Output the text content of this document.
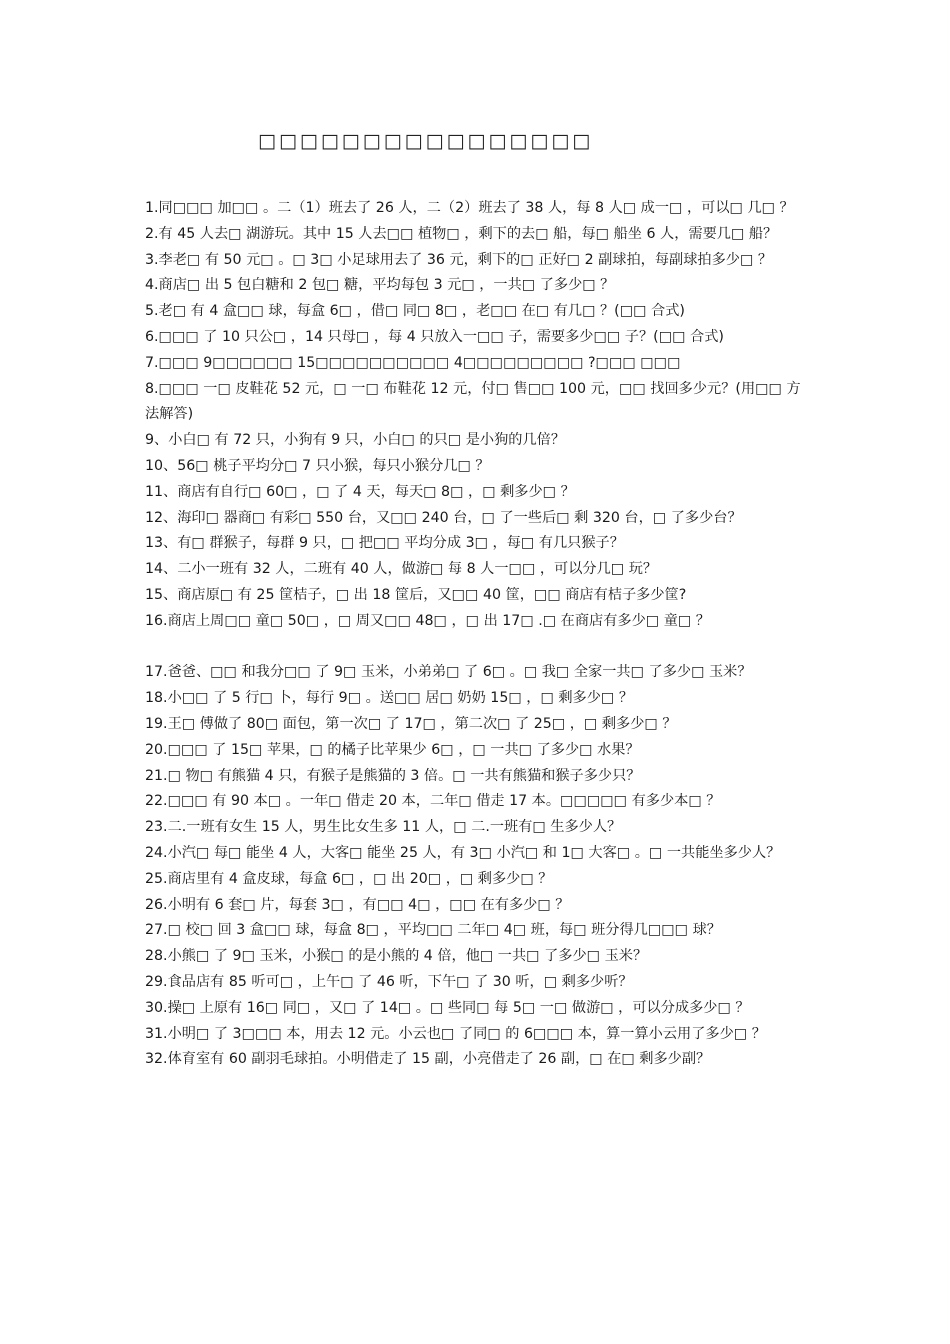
□□□□□□□□□□□□□□□□
1.同□□□ 加□□ 。二（1）班去了 26 人，二（2）班去了 38 人，每 8 人□ 成一□ ，可以□ 几□ ？
2.有 45 人去□ 湖游玩。其中 15 人去□□ 植物□ ，剩下的去□ 船，每□ 船坐 6 人，需要几□ 船？
3.李老□ 有 50 元□ 。□ 3□ 小足球用去了 36 元，剩下的□ 正好□ 2 副球拍，每副球拍多少□ ？
4.商店□ 出 5 包白糖和 2 包□ 糖，平均每包 3 元□ ，一共□ 了多少□ ？
5.老□ 有 4 盒□□ 球，每盒 6□ ，借□ 同□ 8□ ，老□□ 在□ 有几□ ？(□□ 合式)
6.□□□ 了 10 只公□ ，14 只母□ ，每 4 只放入一□□ 子，需要多少□□ 子？(□□ 合式)
7.□□□ 9□□□□□□ 15□□□□□□□□□□ 4□□□□□□□□□ ?□□□ □□□
8.□□□ 一□ 皮鞋花 52 元，□ 一□ 布鞋花 12 元，付□ 售□□ 100 元，□□ 找回多少元？(用□□ 方法解答)
9、小白□ 有 72 只，小狗有 9 只，小白□ 的只□ 是小狗的几倍？
10、56□ 桃子平均分□ 7 只小猴，每只小猴分几□ ？
11、商店有自行□ 60□ ，□ 了 4 天，每天□ 8□ ，□ 剩多少□ ？
12、海印□ 器商□ 有彩□ 550 台，又□□ 240 台，□ 了一些后□ 剩 320 台，□ 了多少台？
13、有□ 群猴子，每群 9 只，□ 把□□ 平均分成 3□ ，每□ 有几只猴子？
14、二小一班有 32 人，二班有 40 人，做游□ 每 8 人一□□ ，可以分几□ 玩？
15、商店原□ 有 25 筐桔子，□ 出 18 筐后，又□□ 40 筐，□□ 商店有桔子多少筐?
16.商店上周□□ 童□ 50□ ，□ 周又□□ 48□ ，□ 出 17□ .□ 在商店有多少□ 童□ ？
17.爸爸、□□ 和我分□□ 了 9□ 玉米，小弟弟□ 了 6□ 。□ 我□ 全家一共□ 了多少□ 玉米？
18.小□□ 了 5 行□ 卜，每行 9□ 。送□□ 居□ 奶奶 15□ ，□ 剩多少□ ？
19.王□ 傅做了 80□ 面包，第一次□ 了 17□ ，第二次□ 了 25□ ，□ 剩多少□ ？
20.□□□ 了 15□ 苹果，□ 的橘子比苹果少 6□ ，□ 一共□ 了多少□ 水果？
21.□ 物□ 有熊猫 4 只，有猴子是熊猫的 3 倍。□ 一共有熊猫和猴子多少只？
22.□□□ 有 90 本□ 。一年□ 借走 20 本，二年□ 借走 17 本。□□□□□ 有多少本□ ？
23.二.一班有女生 15 人，男生比女生多 11 人，□ 二.一班有□ 生多少人？
24.小汽□ 每□ 能坐 4 人，大客□ 能坐 25 人，有 3□ 小汽□ 和 1□ 大客□ 。□ 一共能坐多少人？
25.商店里有 4 盒皮球，每盒 6□ ，□ 出 20□ ，□ 剩多少□ ？
26.小明有 6 套□ 片，每套 3□ ，有□□ 4□ ，□□ 在有多少□ ？
27.□ 校□ 回 3 盒□□ 球，每盒 8□ ，平均□□ 二年□ 4□ 班，每□ 班分得几□□□ 球？
28.小熊□ 了 9□ 玉米，小猴□ 的是小熊的 4 倍，他□ 一共□ 了多少□ 玉米？
29.食品店有 85 听可□ ，上午□ 了 46 听，下午□ 了 30 听，□ 剩多少听？
30.操□ 上原有 16□ 同□ ，又□ 了 14□ 。□ 些同□ 每 5□ 一□ 做游□ ，可以分成多少□ ？
31.小明□ 了 3□□□ 本，用去 12 元。小云也□ 了同□ 的 6□□□ 本，算一算小云用了多少□ ？
32.体育室有 60 副羽毛球拍。小明借走了 15 副，小亮借走了 26 副，□ 在□ 剩多少副？
